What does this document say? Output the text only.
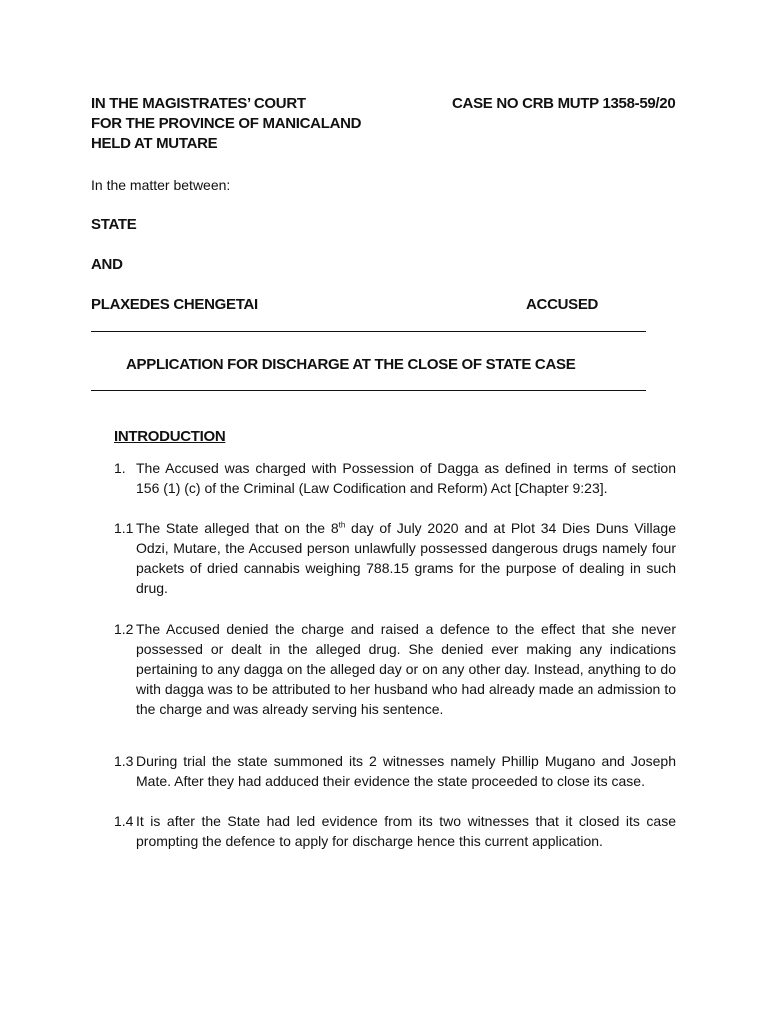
IN THE MAGISTRATES’ COURT
FOR THE PROVINCE OF MANICALAND
HELD AT MUTARE
CASE NO CRB MUTP 1358-59/20
In the matter between:
STATE
AND
PLAXEDES CHENGETAI	ACCUSED
APPLICATION FOR DISCHARGE AT THE CLOSE OF STATE CASE
INTRODUCTION
1. The Accused was charged with Possession of Dagga as defined in terms of section 156 (1) (c) of the Criminal (Law Codification and Reform) Act [Chapter 9:23].
1.1 The State alleged that on the 8th day of July 2020 and at Plot 34 Dies Duns Village Odzi, Mutare, the Accused person unlawfully possessed dangerous drugs namely four packets of dried cannabis weighing 788.15 grams for the purpose of dealing in such drug.
1.2 The Accused denied the charge and raised a defence to the effect that she never possessed or dealt in the alleged drug. She denied ever making any indications pertaining to any dagga on the alleged day or on any other day. Instead, anything to do with dagga was to be attributed to her husband who had already made an admission to the charge and was already serving his sentence.
1.3 During trial the state summoned its 2 witnesses namely Phillip Mugano and Joseph Mate. After they had adduced their evidence the state proceeded to close its case.
1.4 It is after the State had led evidence from its two witnesses that it closed its case prompting the defence to apply for discharge hence this current application.
